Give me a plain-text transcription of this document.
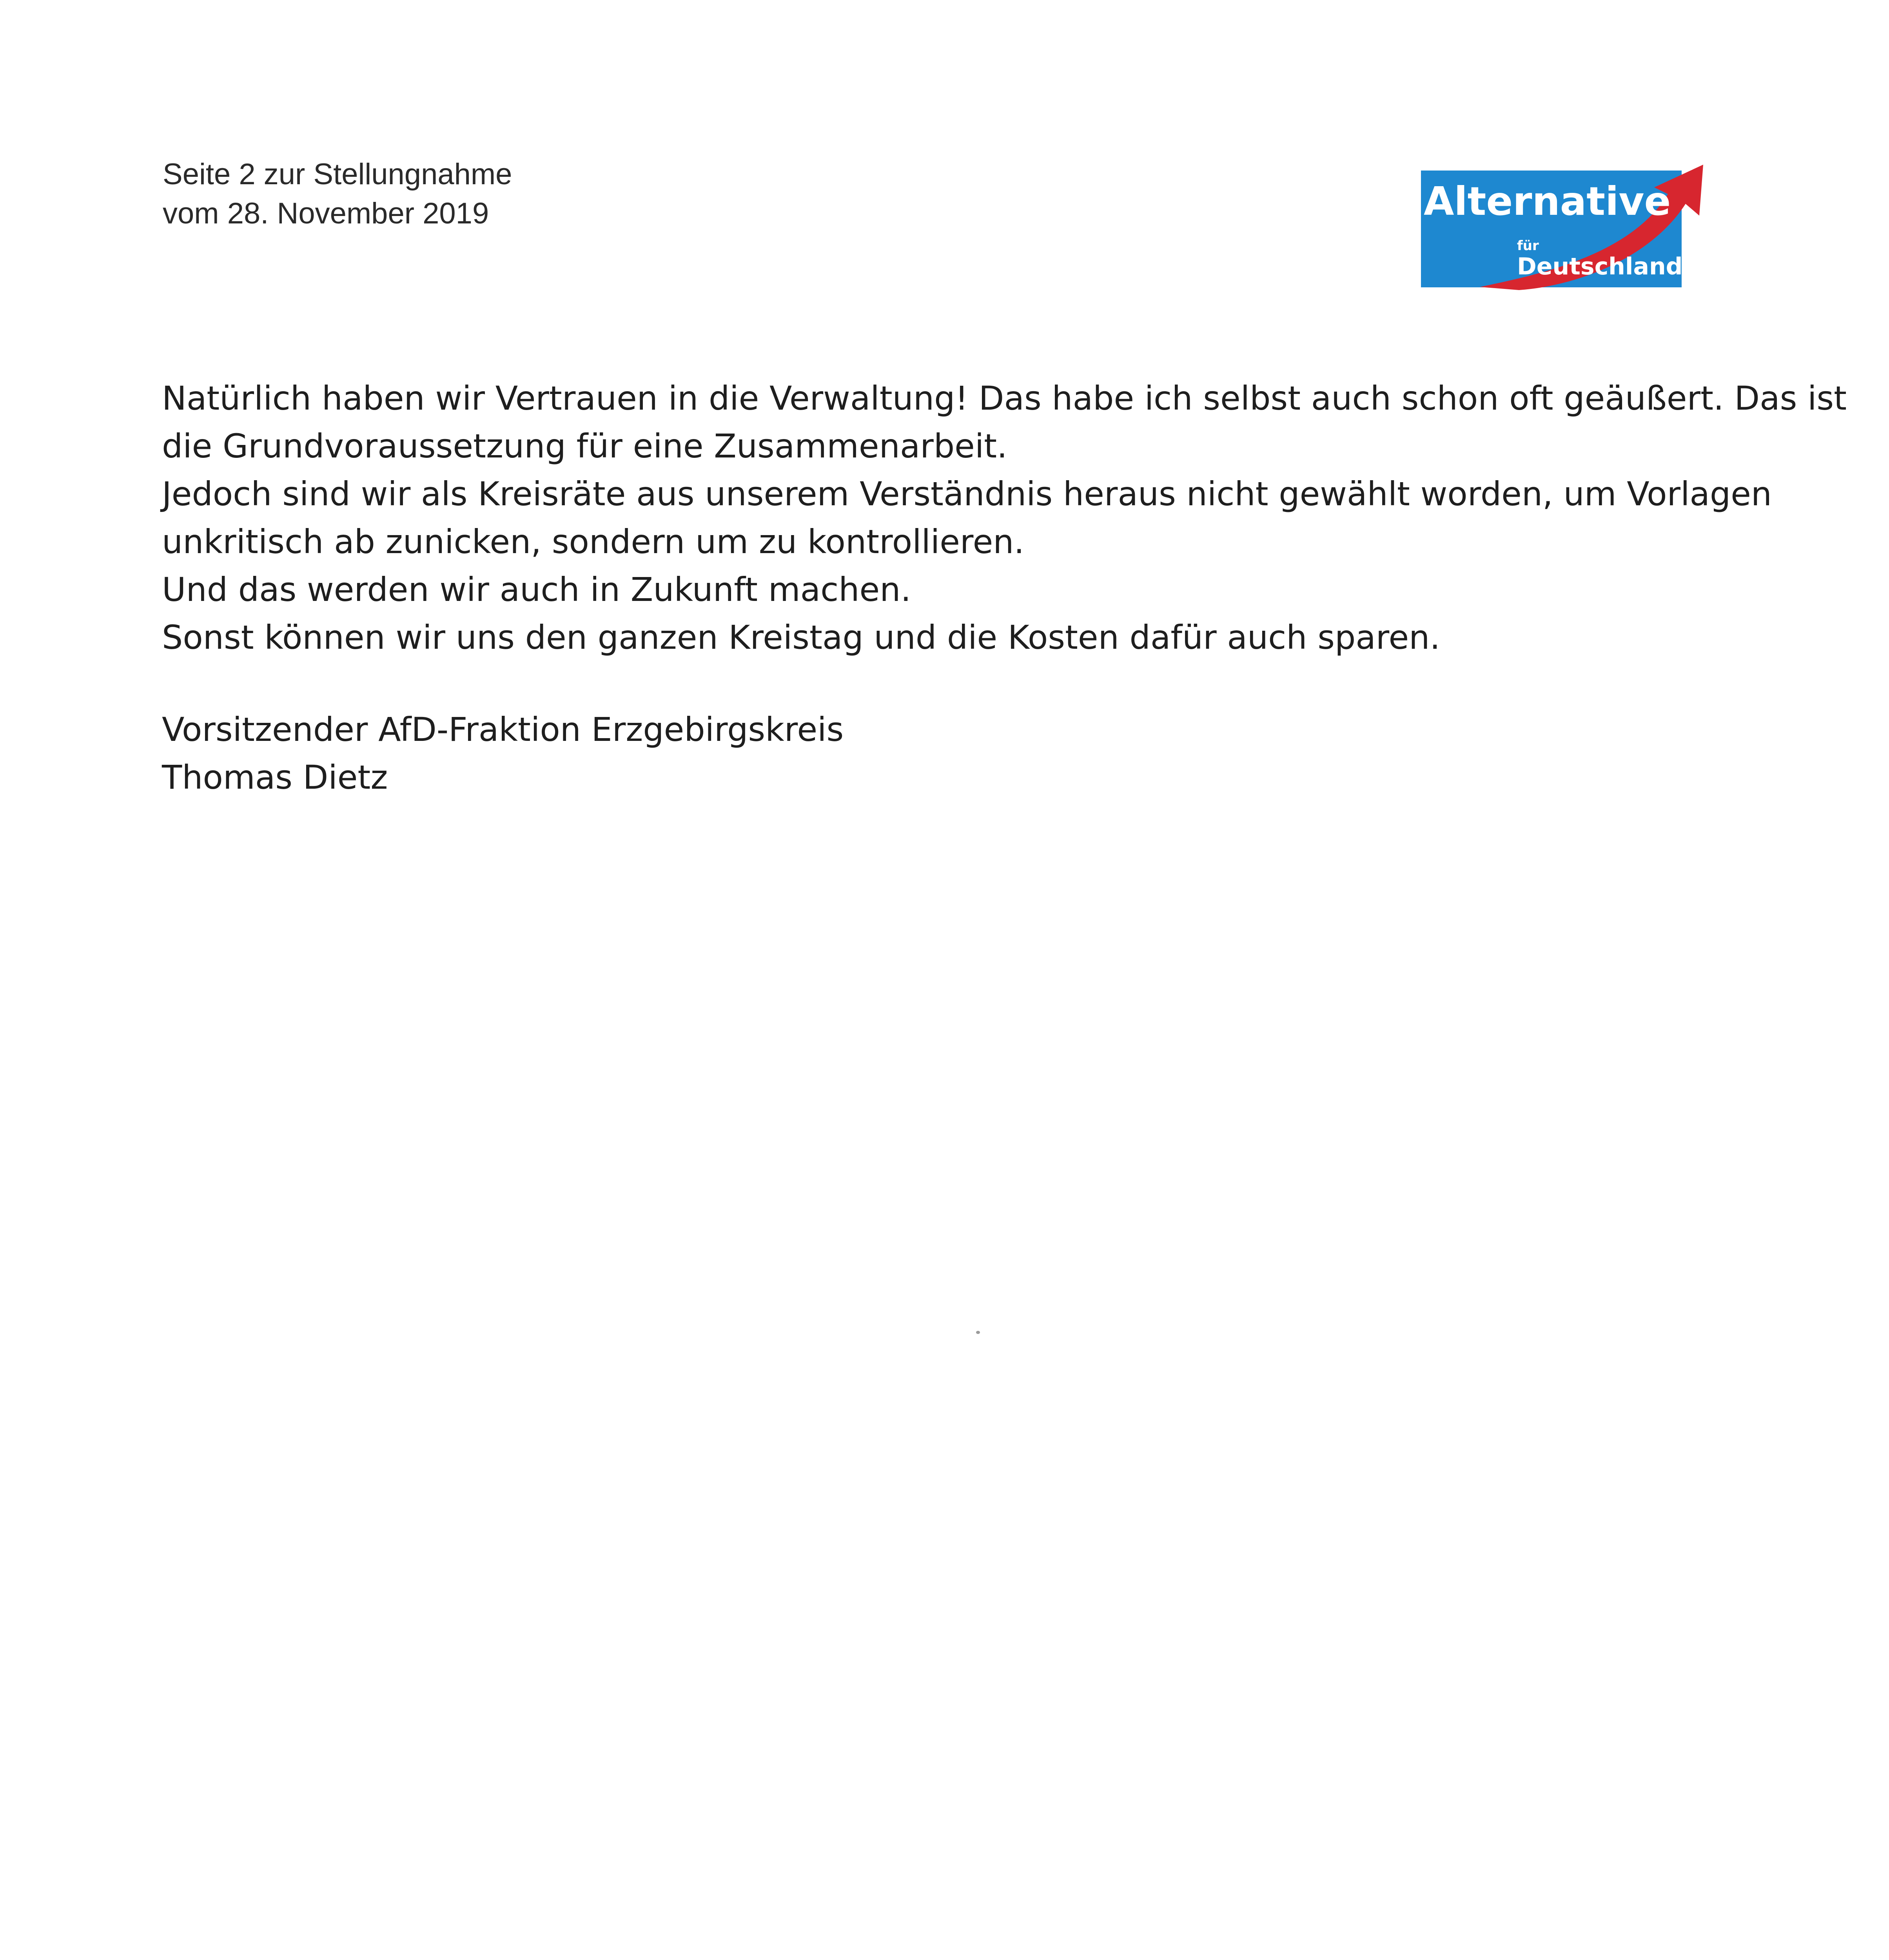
Seite 2 zur Stellungnahme
vom 28. November 2019	Alternative
für
Deutschland

Natürlich haben wir Vertrauen in die Verwaltung! Das habe ich selbst auch schon oft geäußert. Das ist

die Grundvoraussetzung für eine Zusammenarbeit.

Jedoch sind wir als Kreisräte aus unserem Verständnis heraus nicht gewählt worden, um Vorlagen

unkritisch ab zunicken, sondern um zu kontrollieren.

Und das werden wir auch in Zukunft machen.

Sonst können wir uns den ganzen Kreistag und die Kosten dafür auch sparen.

Vorsitzender AfD-Fraktion Erzgebirgskreis
Thomas Dietz
